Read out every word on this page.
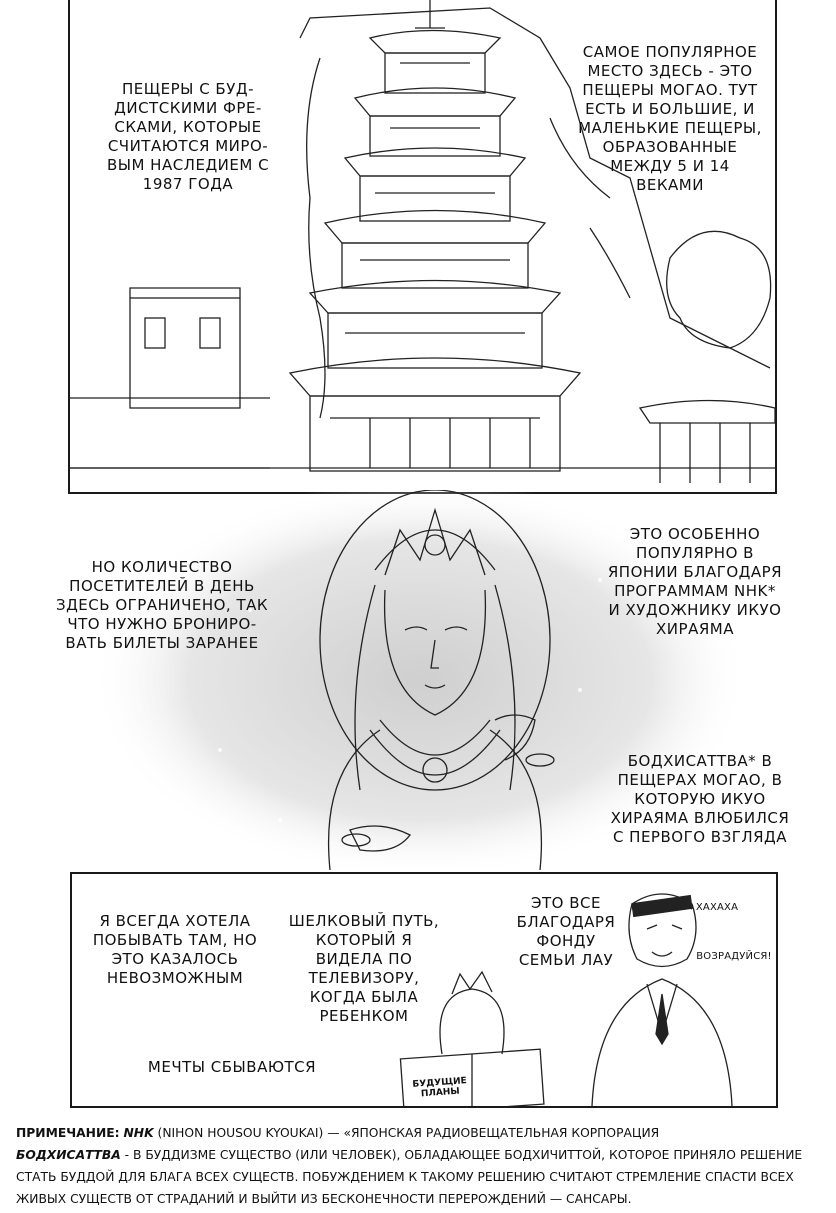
ПЕЩЕРЫ С БУД-
ДИСТСКИМИ ФРЕ-
СКАМИ, КОТОРЫЕ
СЧИТАЮТСЯ МИРО-
ВЫМ НАСЛЕДИЕМ С
1987 ГОДА
САМОЕ ПОПУЛЯРНОЕ
МЕСТО ЗДЕСЬ - ЭТО
ПЕЩЕРЫ МОГАО. ТУТ
ЕСТЬ И БОЛЬШИЕ, И
МАЛЕНЬКИЕ ПЕЩЕРЫ,
ОБРАЗОВАННЫЕ
МЕЖДУ 5 И 14
ВЕКАМИ
НО КОЛИЧЕСТВО
ПОСЕТИТЕЛЕЙ В ДЕНЬ
ЗДЕСЬ ОГРАНИЧЕНО, ТАК
ЧТО НУЖНО БРОНИРО-
ВАТЬ БИЛЕТЫ ЗАРАНЕЕ
ЭТО ОСОБЕННО
ПОПУЛЯРНО В
ЯПОНИИ БЛАГОДАРЯ
ПРОГРАММАМ NHK*
И ХУДОЖНИКУ ИКУО
ХИРАЯМА
БОДХИСАТТВА* В
ПЕЩЕРАХ МОГАО, В
КОТОРУЮ ИКУО
ХИРАЯМА ВЛЮБИЛСЯ
С ПЕРВОГО ВЗГЛЯДА
Я ВСЕГДА ХОТЕЛА
ПОБЫВАТЬ ТАМ, НО
ЭТО КАЗАЛОСЬ
НЕВОЗМОЖНЫМ
ШЕЛКОВЫЙ ПУТЬ,
КОТОРЫЙ Я
ВИДЕЛА ПО
ТЕЛЕВИЗОРУ,
КОГДА БЫЛА
РЕБЕНКОМ
ЭТО ВСЕ
БЛАГОДАРЯ
ФОНДУ
СЕМЬИ ЛАУ
МЕЧТЫ СБЫВАЮТСЯ
ХАХАХА
ВОЗРАДУЙСЯ!
БУДУЩИЕ
ПЛАНЫ
ПРИМЕЧАНИЕ: NHK (NIHON HOUSOU KYOUKAI) — «ЯПОНСКАЯ РАДИОВЕЩАТЕЛЬНАЯ КОРПОРАЦИЯ
БОДХИСАТТВА - В БУДДИЗМЕ СУЩЕСТВО (ИЛИ ЧЕЛОВЕК), ОБЛАДАЮЩЕЕ БОДХИЧИТТОЙ, КОТОРОЕ ПРИНЯЛО РЕШЕНИЕ СТАТЬ БУДДОЙ ДЛЯ БЛАГА ВСЕХ СУЩЕСТВ. ПОБУЖДЕНИЕМ К ТАКОМУ РЕШЕНИЮ СЧИТАЮТ СТРЕМЛЕНИЕ СПАСТИ ВСЕХ ЖИВЫХ СУЩЕСТВ ОТ СТРАДАНИЙ И ВЫЙТИ ИЗ БЕСКОНЕЧНОСТИ ПЕРЕРОЖДЕНИЙ — САНСАРЫ.
